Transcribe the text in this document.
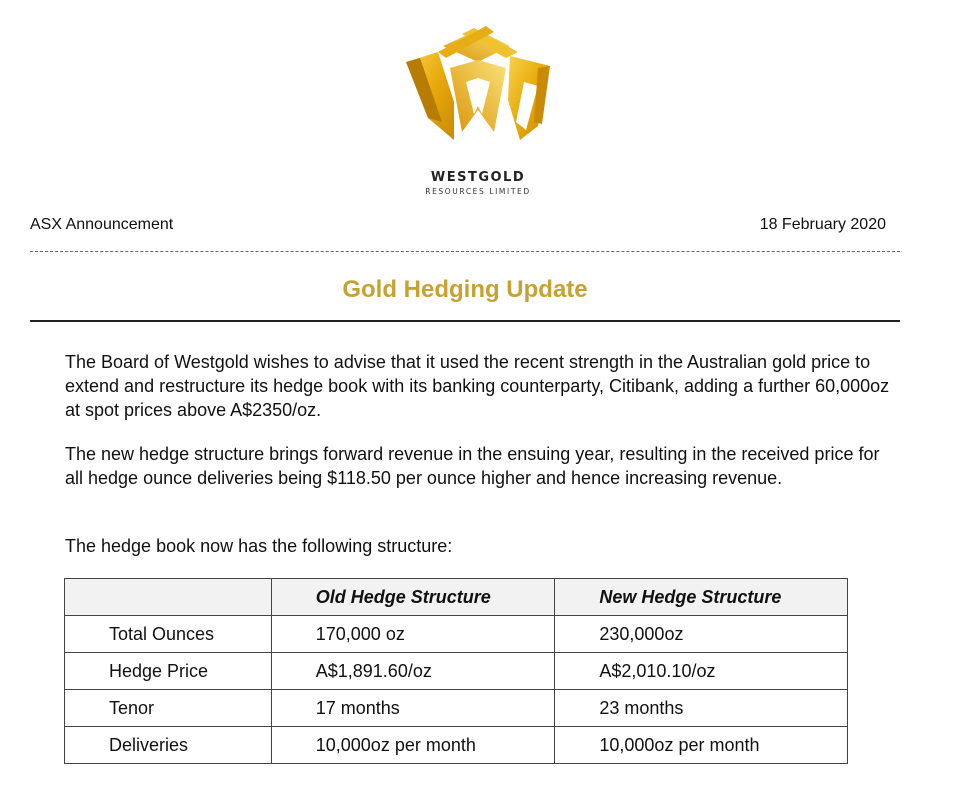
WESTGOLD
RESOURCES LIMITED
ASX Announcement	18 February 2020
Gold Hedging Update

The Board of Westgold wishes to advise that it used the recent strength in the Australian gold price to extend and restructure its hedge book with its banking counterparty, Citibank, adding a further 60,000oz at spot prices above A$2350/oz.

The new hedge structure brings forward revenue in the ensuing year, resulting in the received price for all hedge ounce deliveries being $118.50 per ounce higher and hence increasing revenue.

The hedge book now has the following structure:

	Old Hedge Structure	New Hedge Structure
Total Ounces	170,000 oz	230,000oz
Hedge Price	A$1,891.60/oz	A$2,010.10/oz
Tenor	17 months	23 months
Deliveries	10,000oz per month	10,000oz per month
